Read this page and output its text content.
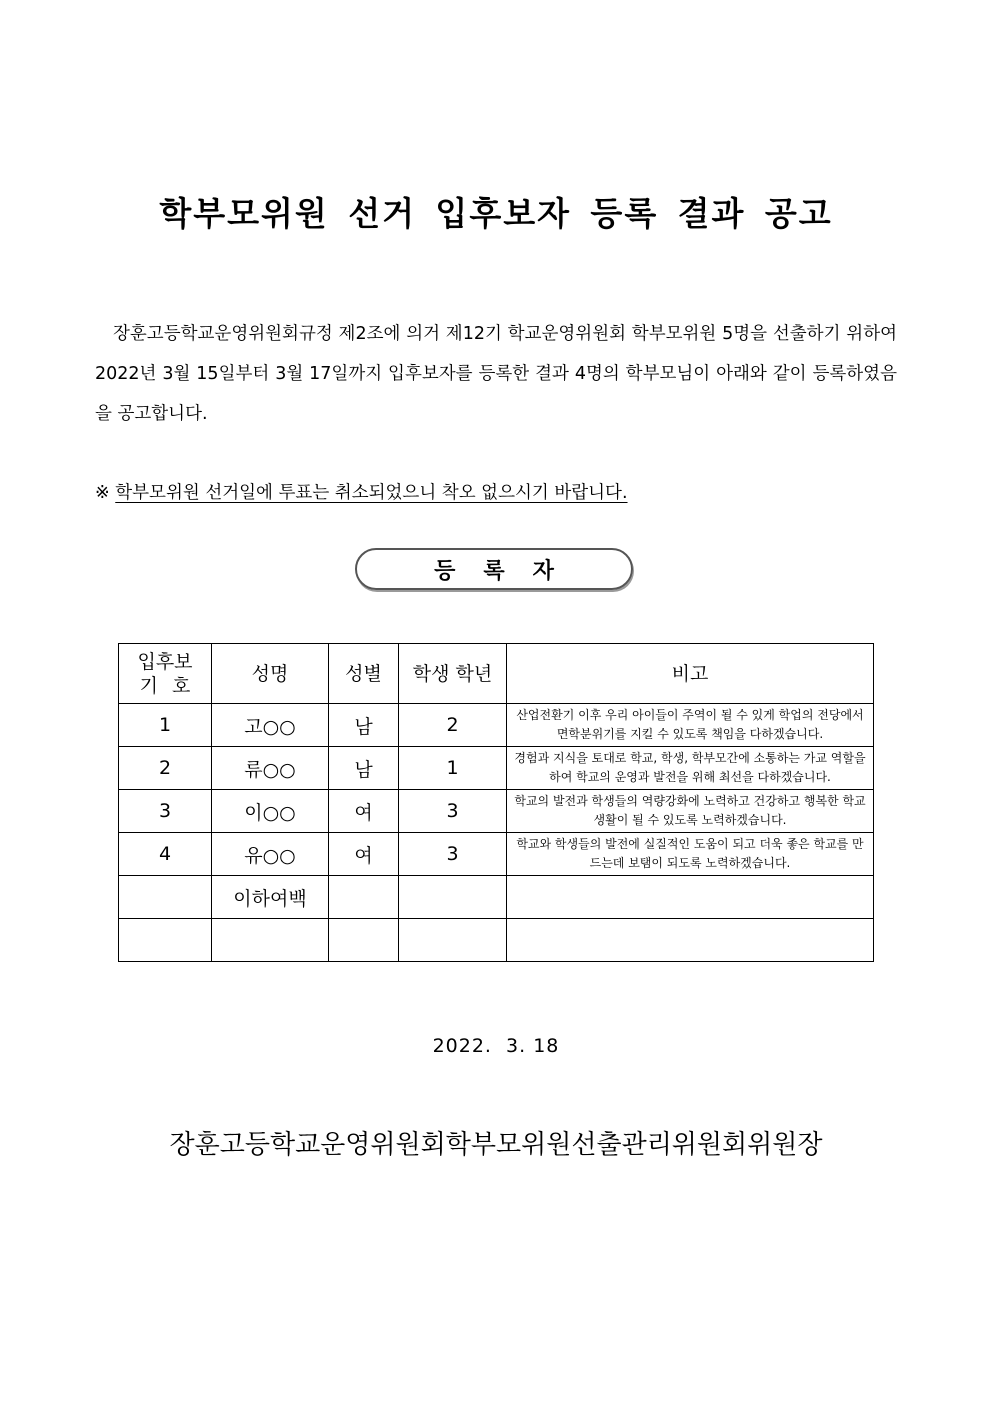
학부모위원 선거 입후보자 등록 결과 공고

장훈고등학교운영위원회규정 제2조에 의거 제12기 학교운영위원회 학부모위원 5명을 선출하기 위하여 2022년 3월 15일부터 3월 17일까지 입후보자를 등록한 결과 4명의 학부모님이 아래와 같이 등록하였음을 공고합니다.

※ 학부모위원 선거일에 투표는 취소되었으니 착오 없으시기 바랍니다.

등록자
입후보
기호	성명	성별	학생 학년	비고
1	고○○	남	2	산업전환기 이후 우리 아이들이 주역이 될 수 있게 학업의 전당에서 면학분위기를 지킬 수 있도록 책임을 다하겠습니다.
2	류○○	남	1	경험과 지식을 토대로 학교, 학생, 학부모간에 소통하는 가교 역할을 하여 학교의 운영과 발전을 위해 최선을 다하겠습니다.
3	이○○	여	3	학교의 발전과 학생들의 역량강화에 노력하고 건강하고 행복한 학교생활이 될 수 있도록 노력하겠습니다.
4	유○○	여	3	학교와 학생들의 발전에 실질적인 도움이 되고 더욱 좋은 학교를 만드는데 보탬이 되도록 노력하겠습니다.
	이하여백			

2022.  3. 18

장훈고등학교운영위원회학부모위원선출관리위원회위원장
